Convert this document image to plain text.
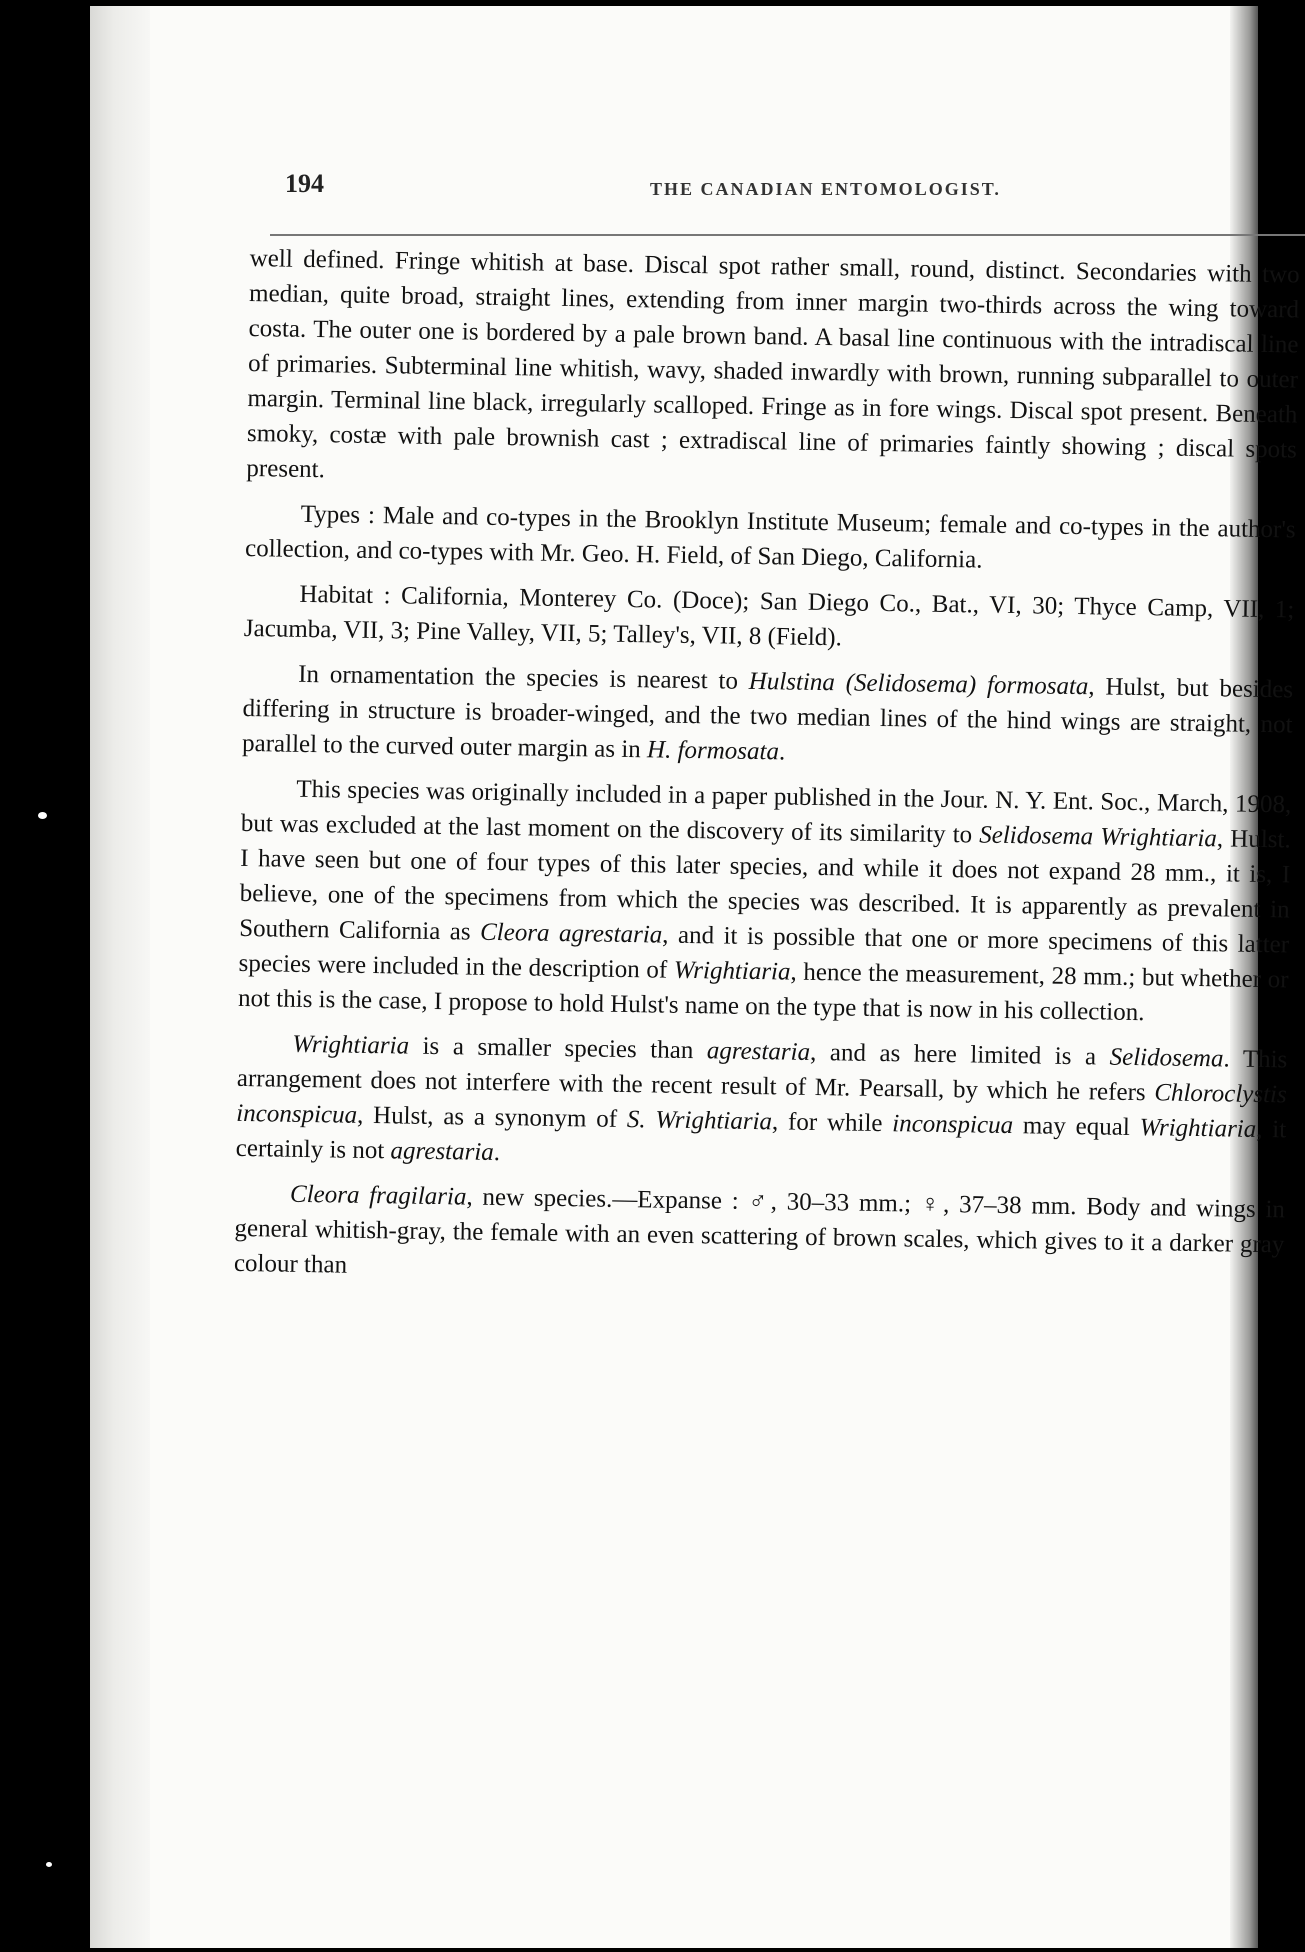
194	THE CANADIAN ENTOMOLOGIST.

well defined. Fringe whitish at base. Discal spot rather small, round, distinct. Secondaries with two median, quite broad, straight lines, extending from inner margin two-thirds across the wing toward costa. The outer one is bordered by a pale brown band. A basal line continuous with the intradiscal line of primaries. Subterminal line whitish, wavy, shaded inwardly with brown, running subparallel to outer margin. Terminal line black, irregularly scalloped. Fringe as in fore wings. Discal spot present. Beneath smoky, costæ with pale brownish cast ; extradiscal line of primaries faintly showing ; discal spots present.

Types : Male and co-types in the Brooklyn Institute Museum; female and co-types in the author's collection, and co-types with Mr. Geo. H. Field, of San Diego, California.

Habitat : California, Monterey Co. (Doce); San Diego Co., Bat., VI, 30; Thyce Camp, VII, 1; Jacumba, VII, 3; Pine Valley, VII, 5; Talley's, VII, 8 (Field).

In ornamentation the species is nearest to Hulstina (Selidosema) formosata, Hulst, but besides differing in structure is broader-winged, and the two median lines of the hind wings are straight, not parallel to the curved outer margin as in H. formosata.

This species was originally included in a paper published in the Jour. N. Y. Ent. Soc., March, 1908, but was excluded at the last moment on the discovery of its similarity to Selidosema Wrightiaria, Hulst. I have seen but one of four types of this later species, and while it does not expand 28 mm., it is, I believe, one of the specimens from which the species was described. It is apparently as prevalent in Southern California as Cleora agrestaria, and it is possible that one or more specimens of this latter species were included in the description of Wrightiaria, hence the measurement, 28 mm.; but whether or not this is the case, I propose to hold Hulst's name on the type that is now in his collection.

Wrightiaria is a smaller species than agrestaria, and as here limited is a Selidosema. This arrangement does not interfere with the recent result of Mr. Pearsall, by which he refers Chloroclystis inconspicua, Hulst, as a synonym of S. Wrightiaria, for while inconspicua may equal Wrightiaria, it certainly is not agrestaria.

Cleora fragilaria, new species.—Expanse : ♂, 30–33 mm.; ♀, 37–38 mm. Body and wings in general whitish-gray, the female with an even scattering of brown scales, which gives to it a darker gray colour than
